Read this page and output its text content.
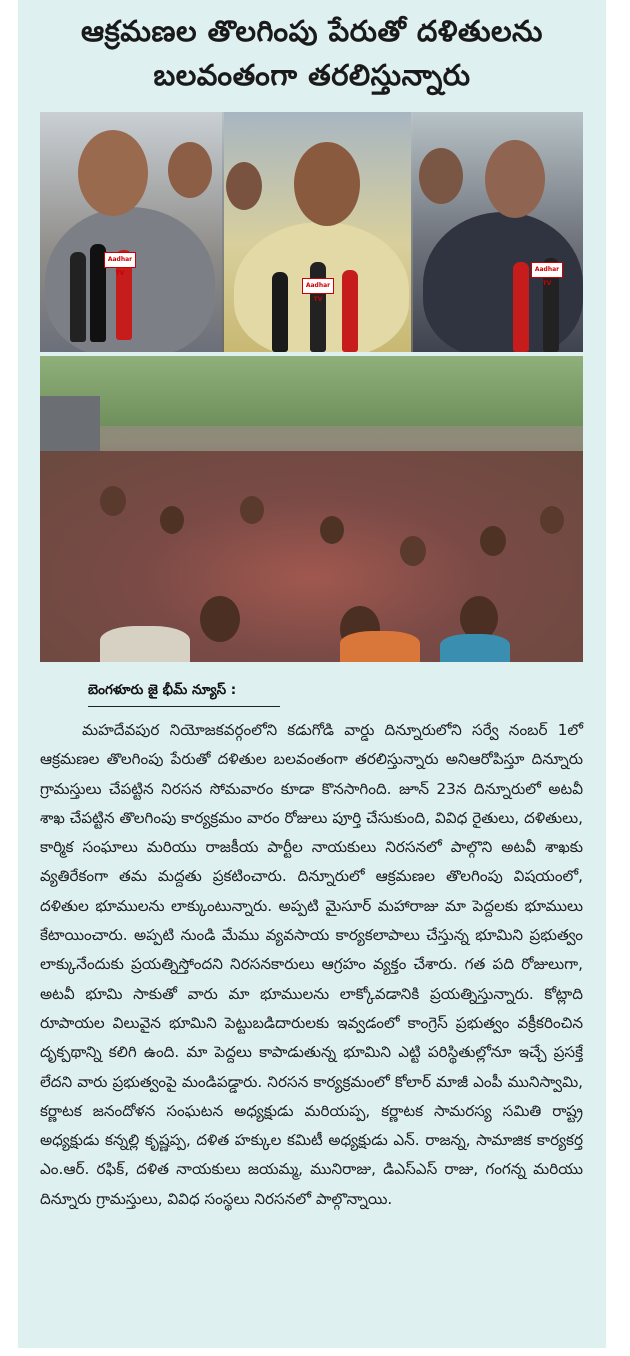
ఆక్రమణల తొలగింపు పేరుతో దళితులను
బలవంతంగా తరలిస్తున్నారు
Aadhar TV
Aadhar TV
Aadhar TV
బెంగళూరు జై భీమ్ న్యూస్ :

మహదేవపుర నియోజకవర్గంలోని కడుగోడి వార్డు దిన్నూరులోని సర్వే నంబర్ 1లో ఆక్రమణల తొలగింపు పేరుతో దళితుల బలవంతంగా తరలిస్తున్నారు అనిఆరోపిస్తూ దిన్నూరు గ్రామస్తులు చేపట్టిన నిరసన సోమవారం కూడా కొనసాగింది. జూన్ 23న దిన్నూరులో అటవీ శాఖ చేపట్టిన తొలగింపు కార్యక్రమం వారం రోజులు పూర్తి చేసుకుంది, వివిధ రైతులు, దళితులు, కార్మిక సంఘాలు మరియు రాజకీయ పార్టీల నాయకులు నిరసనలో పాల్గొని అటవీ శాఖకు వ్యతిరేకంగా తమ మద్దతు ప్రకటించారు. దిన్నూరులో ఆక్రమణల తొలగింపు విషయంలో, దళితుల భూములను లాక్కుంటున్నారు. అప్పటి మైసూర్ మహారాజు మా పెద్దలకు భూములు కేటాయించారు. అప్పటి నుండి మేము వ్యవసాయ కార్యకలాపాలు చేస్తున్న భూమిని ప్రభుత్వం లాక్కునేందుకు ప్రయత్నిస్తోందని నిరసనకారులు ఆగ్రహం వ్యక్తం చేశారు. గత పది రోజులుగా, అటవీ భూమి సాకుతో వారు మా భూములను లాక్కోవడానికి ప్రయత్నిస్తున్నారు. కోట్లాది రూపాయల విలువైన భూమిని పెట్టుబడిదారులకు ఇవ్వడంలో కాంగ్రెస్ ప్రభుత్వం వక్రీకరించిన దృక్పథాన్ని కలిగి ఉంది. మా పెద్దలు కాపాడుతున్న భూమిని ఎట్టి పరిస్థితుల్లోనూ ఇచ్చే ప్రసక్తే లేదని వారు ప్రభుత్వంపై మండిపడ్డారు. నిరసన కార్యక్రమంలో కోలార్ మాజీ ఎంపీ మునిస్వామి, కర్ణాటక జనందోళన సంఘటన అధ్యక్షుడు మరియప్ప, కర్ణాటక సామరస్య సమితి రాష్ట్ర అధ్యక్షుడు కన్నల్లి కృష్ణప్ప, దళిత హక్కుల కమిటీ అధ్యక్షుడు ఎన్. రాజన్న, సామాజిక కార్యకర్త ఎం.ఆర్. రఫిక్, దళిత నాయకులు జయమ్మ, మునిరాజు, డిఎస్ఎస్ రాజు, గంగన్న మరియు దిన్నూరు గ్రామస్తులు, వివిధ సంస్థలు నిరసనలో పాల్గొన్నాయి.
